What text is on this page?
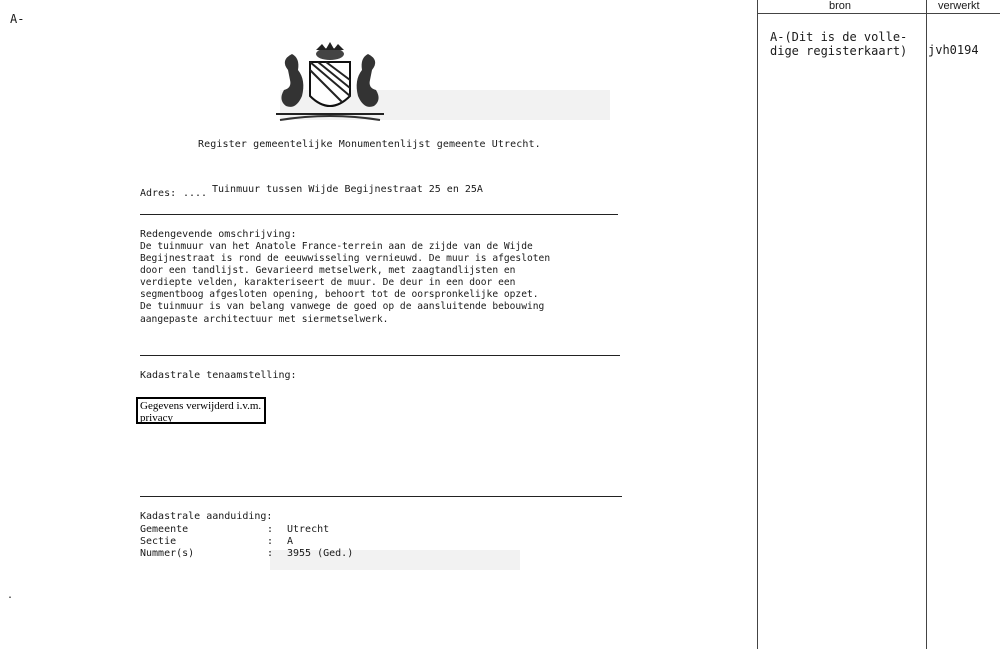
A-
.
Register gemeentelijke Monumentenlijst gemeente Utrecht.
Adres: .... Tuinmuur tussen Wijde Begijnestraat 25 en 25A
Redengevende omschrijving:
De tuinmuur van het Anatole France-terrein aan de zijde van de Wijde
Begijnestraat is rond de eeuwwisseling vernieuwd. De muur is afgesloten
door een tandlijst. Gevarieerd metselwerk, met zaagtandlijsten en
verdiepte velden, karakteriseert de muur. De deur in een door een
segmentboog afgesloten opening, behoort tot de oorspronkelijke opzet.
De tuinmuur is van belang vanwege de goed op de aansluitende bebouwing
aangepaste architectuur met siermetselwerk.
Kadastrale tenaamstelling:
Gegevens verwijderd i.v.m. privacy
Kadastrale aanduiding:
Gemeente	: Utrecht
Sectie	: A
Nummer(s)	: 3955 (Ged.)
bron	verwerkt
A-(Dit is de volle-
dige registerkaart) jvh0194
